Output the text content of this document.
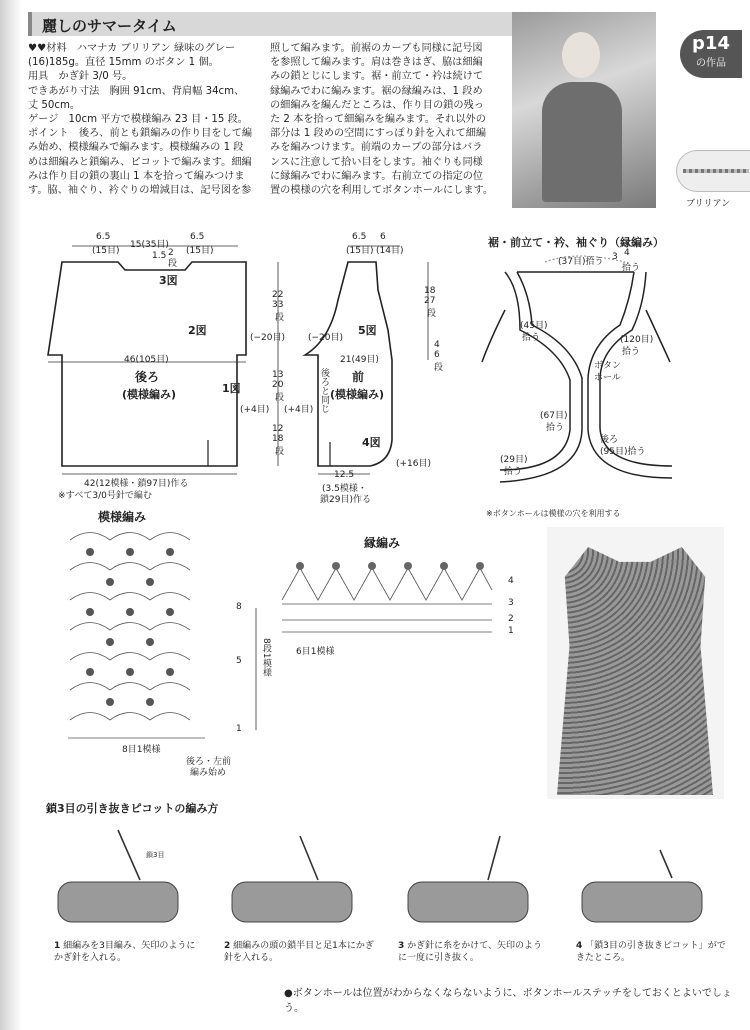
麗しのサマータイム
♥♥材料　ハマナカ ブリリアン 緑味のグレー
(16)185g。直径 15mm のボタン 1 個。
用具　かぎ針 3/0 号。
できあがり寸法　胸囲 91cm、背肩幅 34cm、
丈 50cm。
ゲージ　10cm 平方で模様編み 23 目・15 段。
ポイント　後ろ、前とも鎖編みの作り目をして編
み始め、模様編みで編みます。模様編みの 1 段
めは細編みと鎖編み、ピコットで編みます。細編
みは作り目の鎖の裏山 1 本を拾って編みつけま
す。脇、袖ぐり、衿ぐりの増減目は、記号図を参
照して編みます。前裾のカーブも同様に記号図
を参照して編みます。肩は巻きはぎ、脇は細編
みの鎖とじにします。裾・前立て・衿は続けて
縁編みでわに編みます。裾の縁編みは、1 段め
の細編みを編んだところは、作り目の鎖の残っ
た 2 本を拾って細編みを編みます。それ以外の
部分は 1 段めの空間にすっぽり針を入れて細編
みを編みつけます。前端のカーブの部分はバラ
ンスに注意して拾い目をします。袖ぐりも同様
に縁編みでわに編みます。右前立ての指定の位
置の模様の穴を利用してボタンホールにします。
p14
の作品
ブリリアン
6.5
15(35目)
6.5
(15目)	(15目)
1.5 2
段
3図
2図
(−20目)
46(105目)
後ろ
(模様編み)	1図
(+4目)
42(12模様・鎖97目)作る
※すべて3/0号針で編む
22
33
段
13
20
段
(+4目)
12
18
段
6.5 6
(15目) (14目)
5図
(−20目)
21(49目)
前
(模様編み)
後ろと同じ
4図
(+16目)
12.5
(3.5模様・
鎖29目)作る
18
27
段
4
6
段
裾・前立て・衿、袖ぐり（縁編み）
(37目)拾う 3 4
拾う
(45目)
拾う
ボタン
ホール
(120目)
拾う
(67目)
拾う
後ろ
(95目)拾う
(29目)
拾う
※ボタンホールは模様の穴を利用する
模様編み
8
5
1
8段1模様
8目1模様
後ろ・左前
編み始め
縁編み
4
3
2
1
6目1模様
鎖3目の引き抜きピコットの編み方
鎖3目
1 細編みを3目編み、矢印のようにかぎ針を入れる。
2 細編みの頭の鎖半目と足1本にかぎ針を入れる。
3 かぎ針に糸をかけて、矢印のように一度に引き抜く。
4 「鎖3目の引き抜きピコット」ができたところ。
●ボタンホールは位置がわからなくならないように、ボタンホールステッチをしておくとよいでしょう。
